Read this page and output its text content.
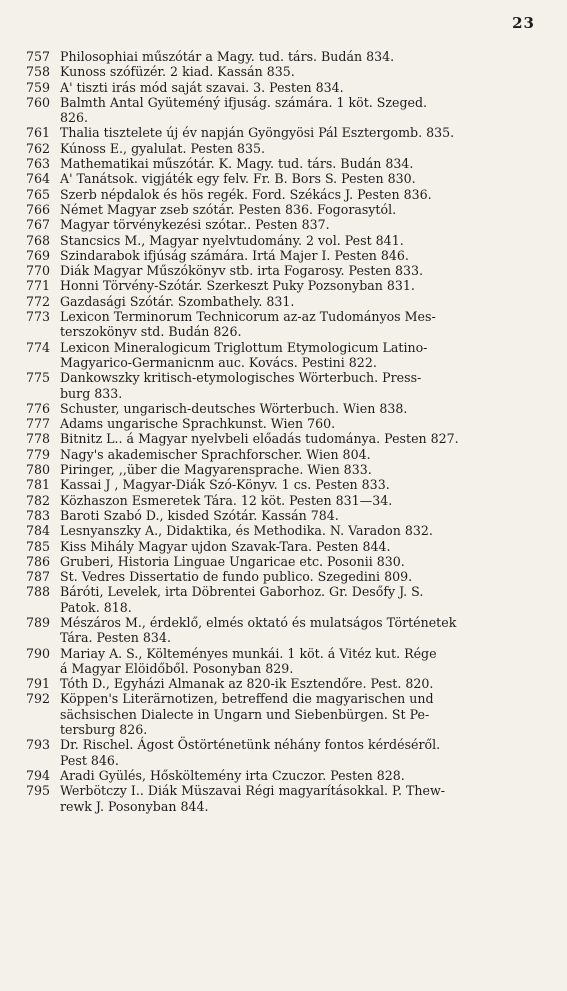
23
757 Philosophiai műszótár a Magy. tud. társ. Budán 834.
758 Kunoss szófüzér. 2 kiad. Kassán 835.
759 A' tiszti irás mód saját szavai. 3. Pesten 834.
760 Balmth Antal Gyüteméný ifjuság. számára. 1 köt. Szeged.
826.
761 Thalia tisztelete új év napján Gyöngyösi Pál Esztergomb. 835.
762 Kúnoss E., gyalulat. Pesten 835.
763 Mathematikai műszótár. K. Magy. tud. társ. Budán 834.
764 A' Tanátsok. vigjáték egy felv. Fr. B. Bors S. Pesten 830.
765 Szerb népdalok és hös regék. Ford. Székács J. Pesten 836.
766 Német Magyar zseb szótár. Pesten 836. Fogorasytól.
767 Magyar törvénykezési szótar.. Pesten 837.
768 Stancsics M., Magyar nyelvtudomány. 2 vol. Pest 841.
769 Szindarabok ifjúság számára. Irtá Majer I. Pesten 846.
770 Diák Magyar Műszókönyv stb. irta Fogarosy. Pesten 833.
771 Honni Törvény-Szótár. Szerkeszt Puky Pozsonyban 831.
772 Gazdasági Szótár. Szombathely. 831.
773 Lexicon Terminorum Technicorum az-az Tudományos Mes-
terszokönyv std. Budán 826.
774 Lexicon Mineralogicum Triglottum Etymologicum Latino-
Magyarico-Germanicnm auc. Kovács. Pestini 822.
775 Dankowszky kritisch-etymologisches Wörterbuch. Press-
burg 833.
776 Schuster, ungarisch-deutsches Wörterbuch. Wien 838.
777 Adams ungarische Sprachkunst. Wien 760.
778 Bitnitz L.. á Magyar nyelvbeli előadás tudománya. Pesten 827.
779 Nagy's akademischer Sprachforscher. Wien 804.
780 Piringer, ,,über die Magyarensprache. Wien 833.
781 Kassai J , Magyar-Diák Szó-Könyv. 1 cs. Pesten 833.
782 Közhaszon Esmeretek Tára. 12 köt. Pesten 831—34.
783 Baroti Szabó D., kisded Szótár. Kassán 784.
784 Lesnyanszky A., Didaktika, és Methodika. N. Varadon 832.
785 Kiss Mihály Magyar ujdon Szavak-Tara. Pesten 844.
786 Gruberi, Historia Linguae Ungaricae etc. Posonii 830.
787 St. Vedres Dissertatio de fundo publico. Szegedini 809.
788 Báróti, Levelek, irta Döbrentei Gaborhoz. Gr. Desőfy J. S.
Patok. 818.
789 Mészáros M., érdeklő, elmés oktató és mulatságos Történetek
Tára. Pesten 834.
790 Mariay A. S., Költeményes munkái. 1 köt. á Vitéz kut. Rége
á Magyar Elöidőből. Posonyban 829.
791 Tóth D., Egyházi Almanak az 820-ik Esztendőre. Pest. 820.
792 Köppen's Literärnotizen, betreffend die magyarischen und
sächsischen Dialecte in Ungarn und Siebenbürgen. St Pe-
tersburg 826.
793 Dr. Rischel. Ágost Östörténetünk néhány fontos kérdéséről.
Pest 846.
794 Aradi Gyülés, Hősköltemény irta Czuczor. Pesten 828.
795 Werbötczy I.. Diák Müszavai Régi magyarításokkal. P. Thew-
rewk J. Posonyban 844.
